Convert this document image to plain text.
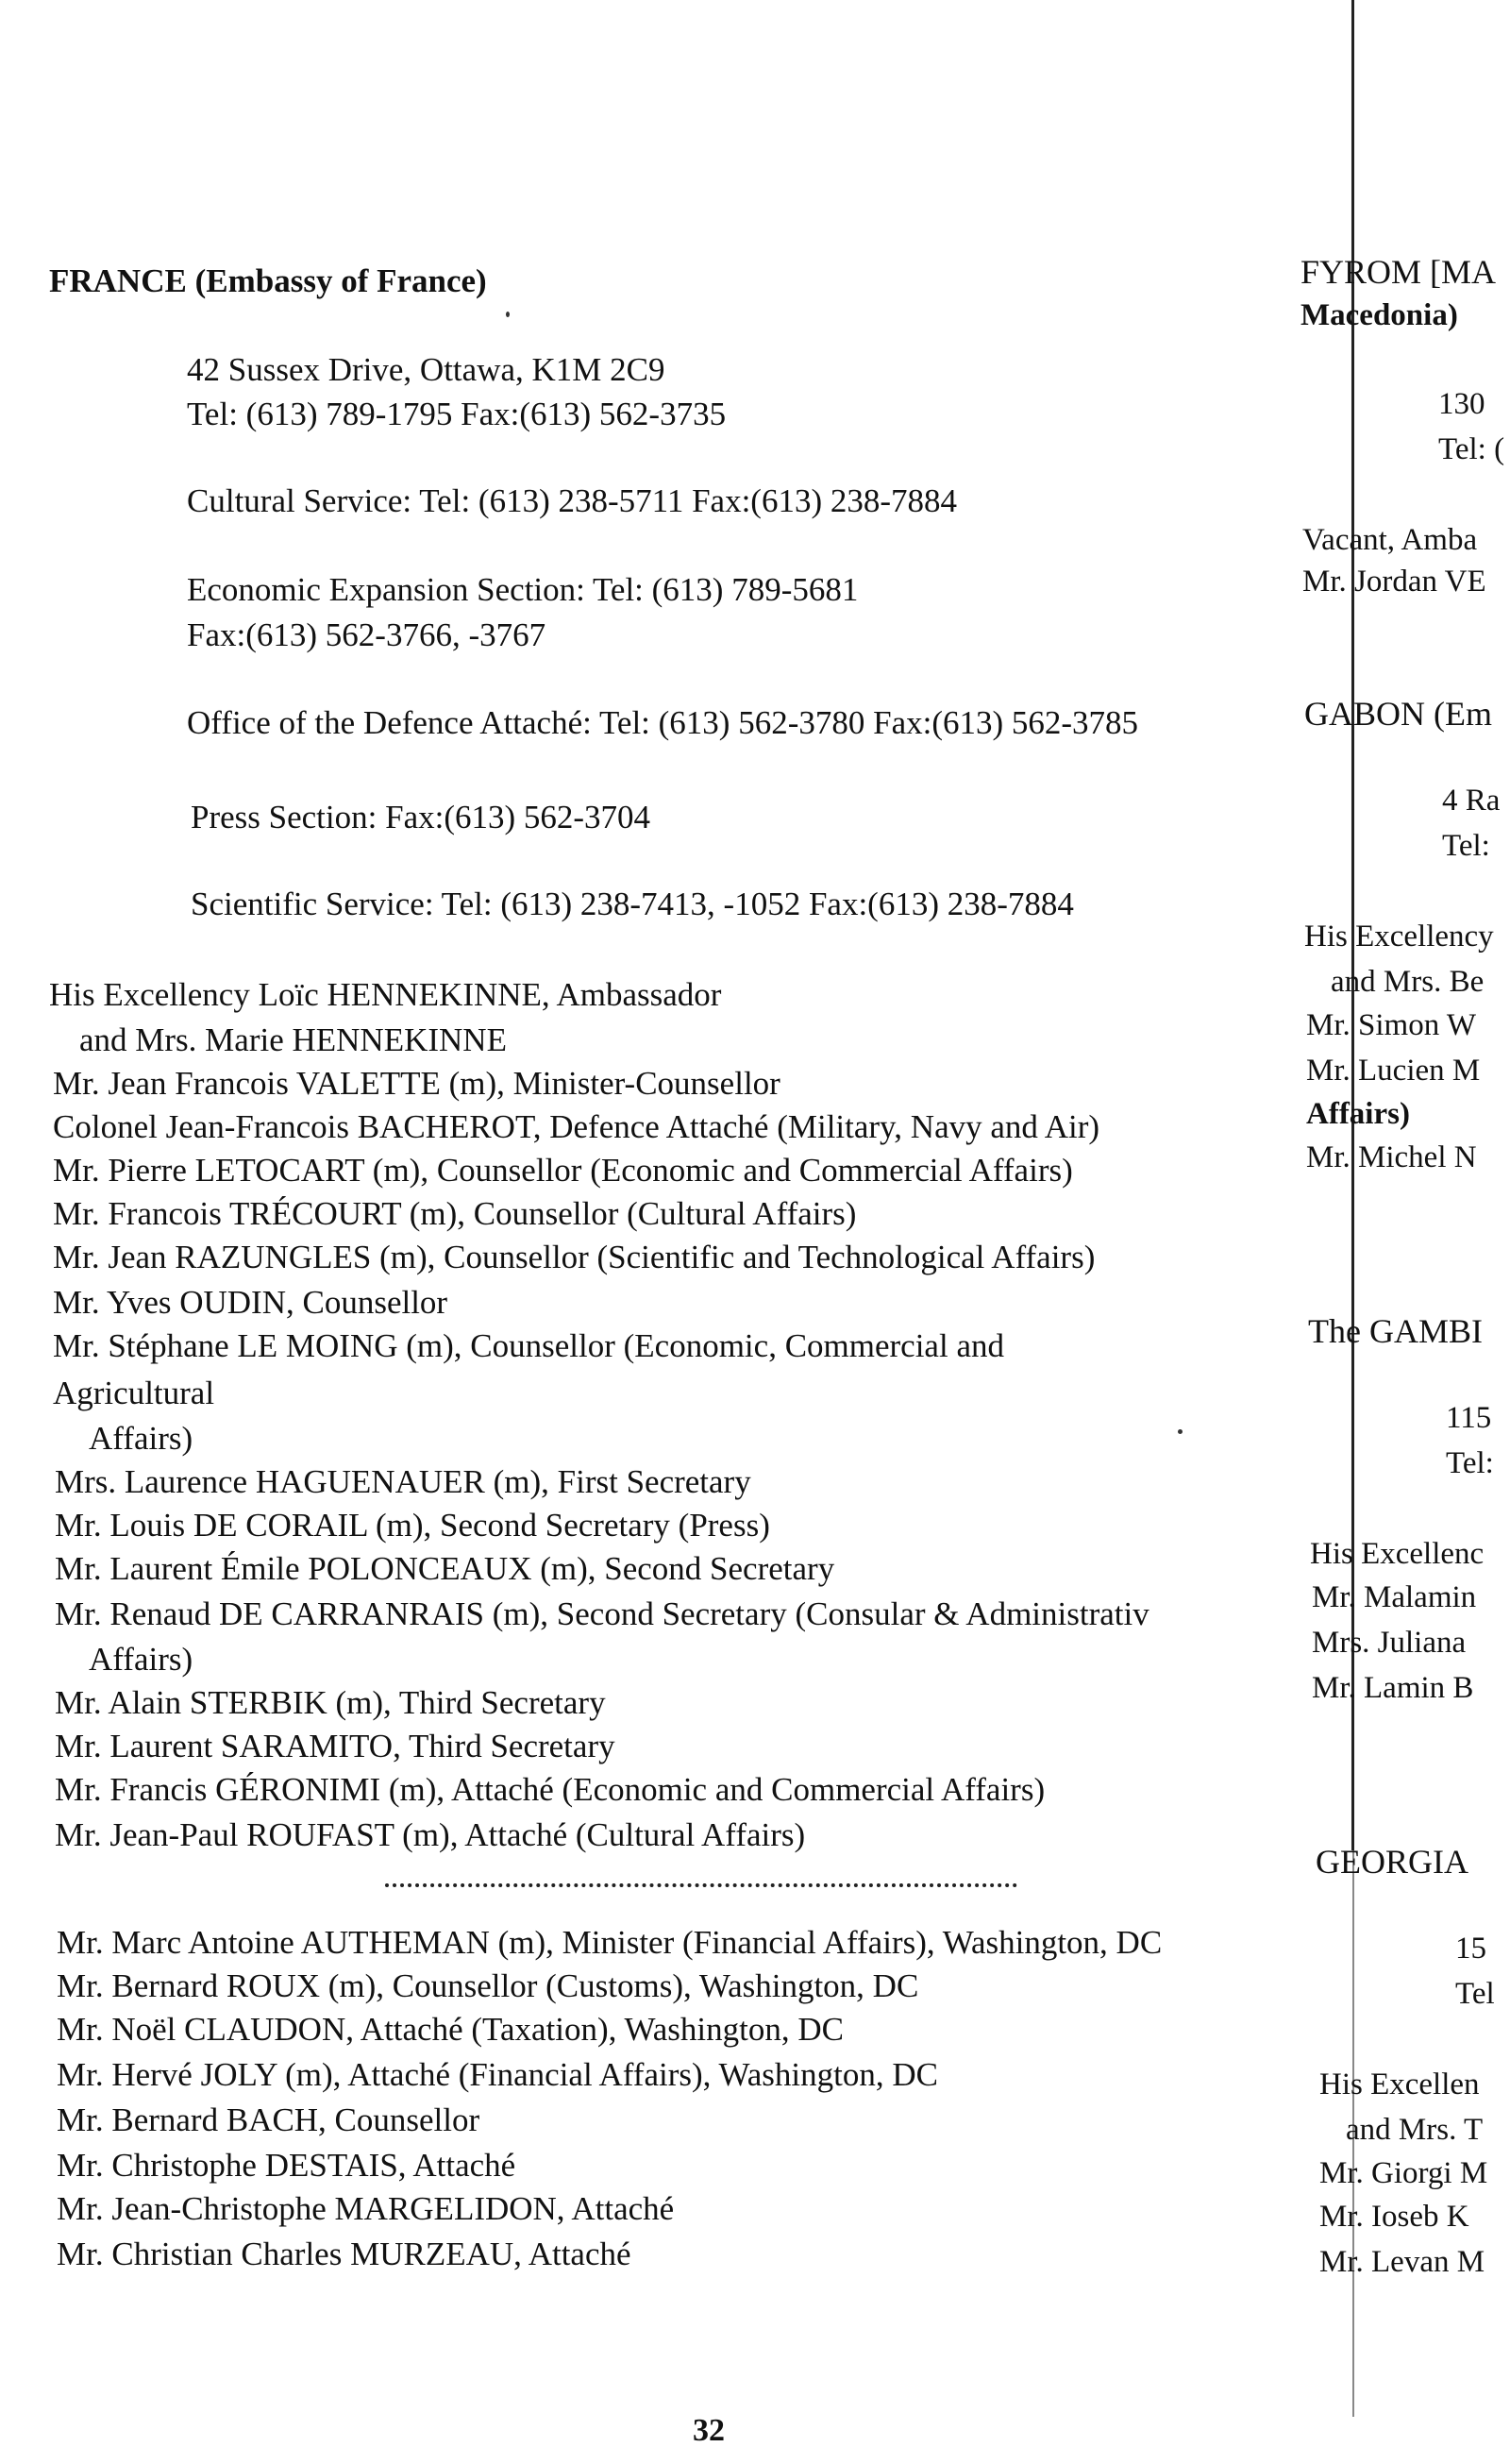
FRANCE (Embassy of France)
42 Sussex Drive, Ottawa, K1M 2C9
Tel: (613) 789-1795 Fax:(613) 562-3735
Cultural Service: Tel: (613) 238-5711 Fax:(613) 238-7884
Economic Expansion Section: Tel: (613) 789-5681
Fax:(613) 562-3766, -3767
Office of the Defence Attaché: Tel: (613) 562-3780 Fax:(613) 562-3785
Press Section: Fax:(613) 562-3704
Scientific Service: Tel: (613) 238-7413, -1052 Fax:(613) 238-7884
His Excellency Loïc HENNEKINNE, Ambassador
and Mrs. Marie HENNEKINNE
Mr. Jean Francois VALETTE (m), Minister-Counsellor
Colonel Jean-Francois BACHEROT, Defence Attaché (Military, Navy and Air)
Mr. Pierre LETOCART (m), Counsellor (Economic and Commercial Affairs)
Mr. Francois TRÉCOURT (m), Counsellor (Cultural Affairs)
Mr. Jean RAZUNGLES (m), Counsellor (Scientific and Technological Affairs)
Mr. Yves OUDIN, Counsellor
Mr. Stéphane LE MOING (m), Counsellor (Economic, Commercial and
Agricultural
Affairs)
Mrs. Laurence HAGUENAUER (m), First Secretary
Mr. Louis DE CORAIL (m), Second Secretary (Press)
Mr. Laurent Émile POLONCEAUX (m), Second Secretary
Mr. Renaud DE CARRANRAIS (m), Second Secretary (Consular & Administrativ
Affairs)
Mr. Alain STERBIK (m), Third Secretary
Mr. Laurent SARAMITO, Third Secretary
Mr. Francis GÉRONIMI (m), Attaché (Economic and Commercial Affairs)
Mr. Jean-Paul ROUFAST (m), Attaché (Cultural Affairs)
Mr. Marc Antoine AUTHEMAN (m), Minister (Financial Affairs), Washington, DC
Mr. Bernard ROUX (m), Counsellor (Customs), Washington, DC
Mr. Noël CLAUDON, Attaché (Taxation), Washington, DC
Mr. Hervé JOLY (m), Attaché (Financial Affairs), Washington, DC
Mr. Bernard BACH, Counsellor
Mr. Christophe DESTAIS, Attaché
Mr. Jean-Christophe MARGELIDON, Attaché
Mr. Christian Charles MURZEAU, Attaché
FYROM [MA
Macedonia)
130
Tel: (
Vacant, Amba
Mr. Jordan VE
GABON (Em
4 Ra
Tel:
His Excellency
and Mrs. Be
Mr. Simon W
Mr. Lucien M
Affairs)
Mr. Michel N
The GAMBI
115
Tel:
His Excellenc
Mr. Malamin
Mrs. Juliana
Mr. Lamin B
GEORGIA
15
Tel
His Excellen
and Mrs. T
Mr. Giorgi M
Mr. Ioseb K
Mr. Levan M
32
